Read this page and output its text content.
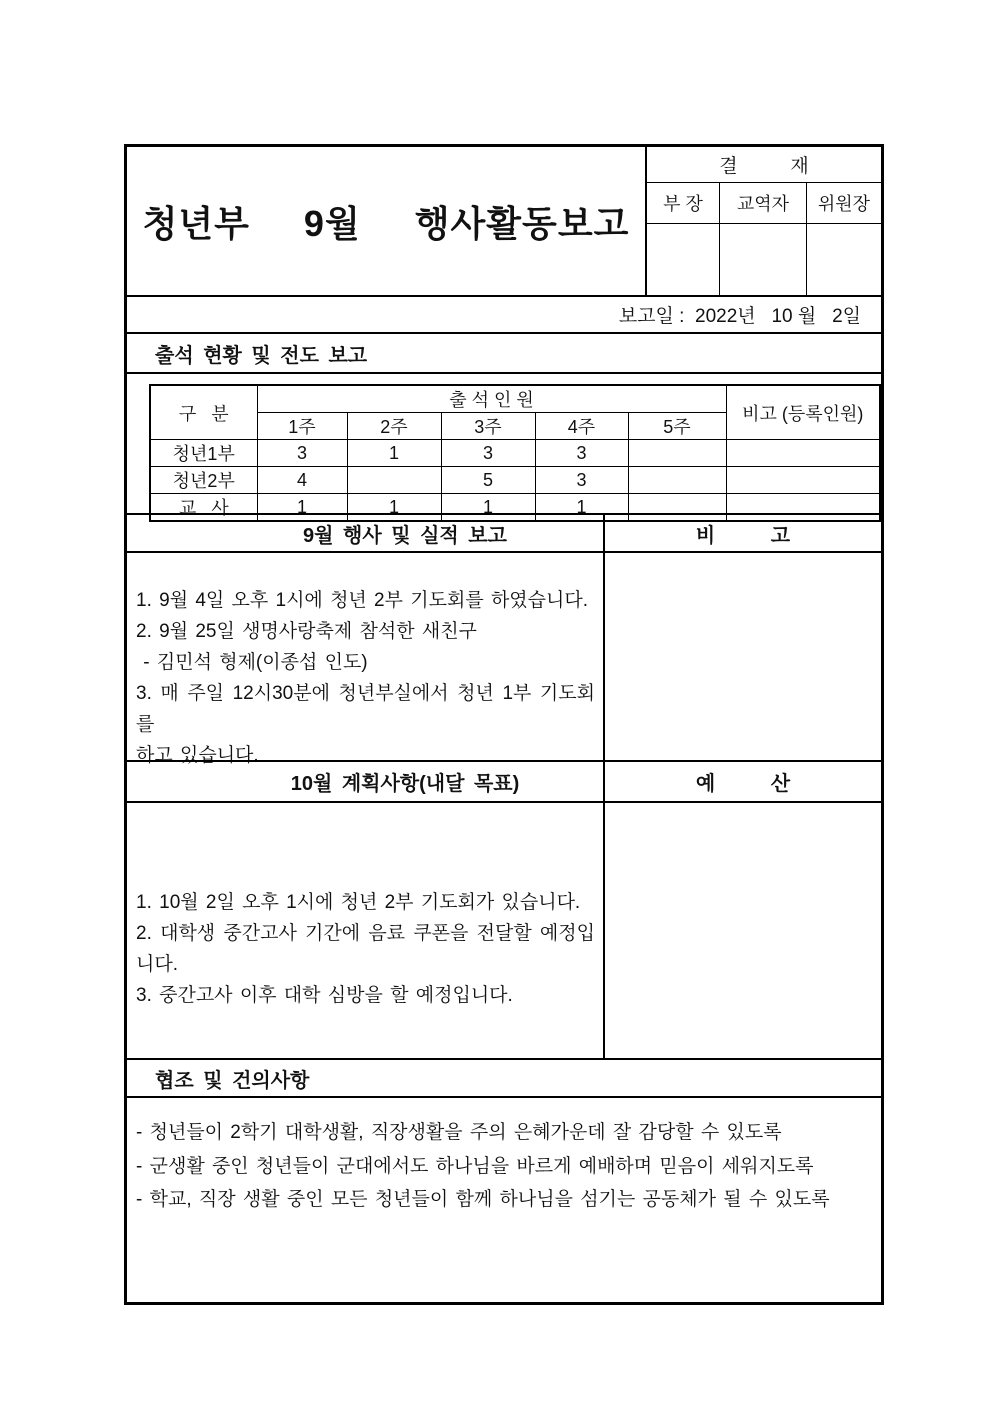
청년부  9월  행사활동보고
결          재
부 장	교역자	위원장
보고일 :  2022년   10 월   2일
출석 현황 및 전도 보고
구   분	출 석 인 원					비고 (등록인원)
	1주	2주	3주	4주	5주	
청년1부	3	1	3	3		
청년2부	4		5	3		
교   사	1	1	1	1		
9월 행사 및 실적 보고	비          고
1. 9월 4일 오후 1시에 청년 2부 기도회를 하였습니다.
2. 9월 25일 생명사랑축제 참석한 새친구
- 김민석 형제(이종섭 인도)
3. 매 주일 12시30분에 청년부실에서 청년 1부 기도회를
하고 있습니다.
10월 계획사항(내달 목표)	예          산
1. 10월 2일 오후 1시에 청년 2부 기도회가 있습니다.
2. 대학생 중간고사 기간에 음료 쿠폰을 전달할 예정입니다.
3. 중간고사 이후 대학 심방을 할 예정입니다.
협조 및 건의사항
- 청년들이 2학기 대학생활, 직장생활을 주의 은혜가운데 잘 감당할 수 있도록
- 군생활 중인 청년들이 군대에서도 하나님을 바르게 예배하며 믿음이 세워지도록
- 학교, 직장 생활 중인 모든 청년들이 함께 하나님을 섬기는 공동체가 될 수 있도록
